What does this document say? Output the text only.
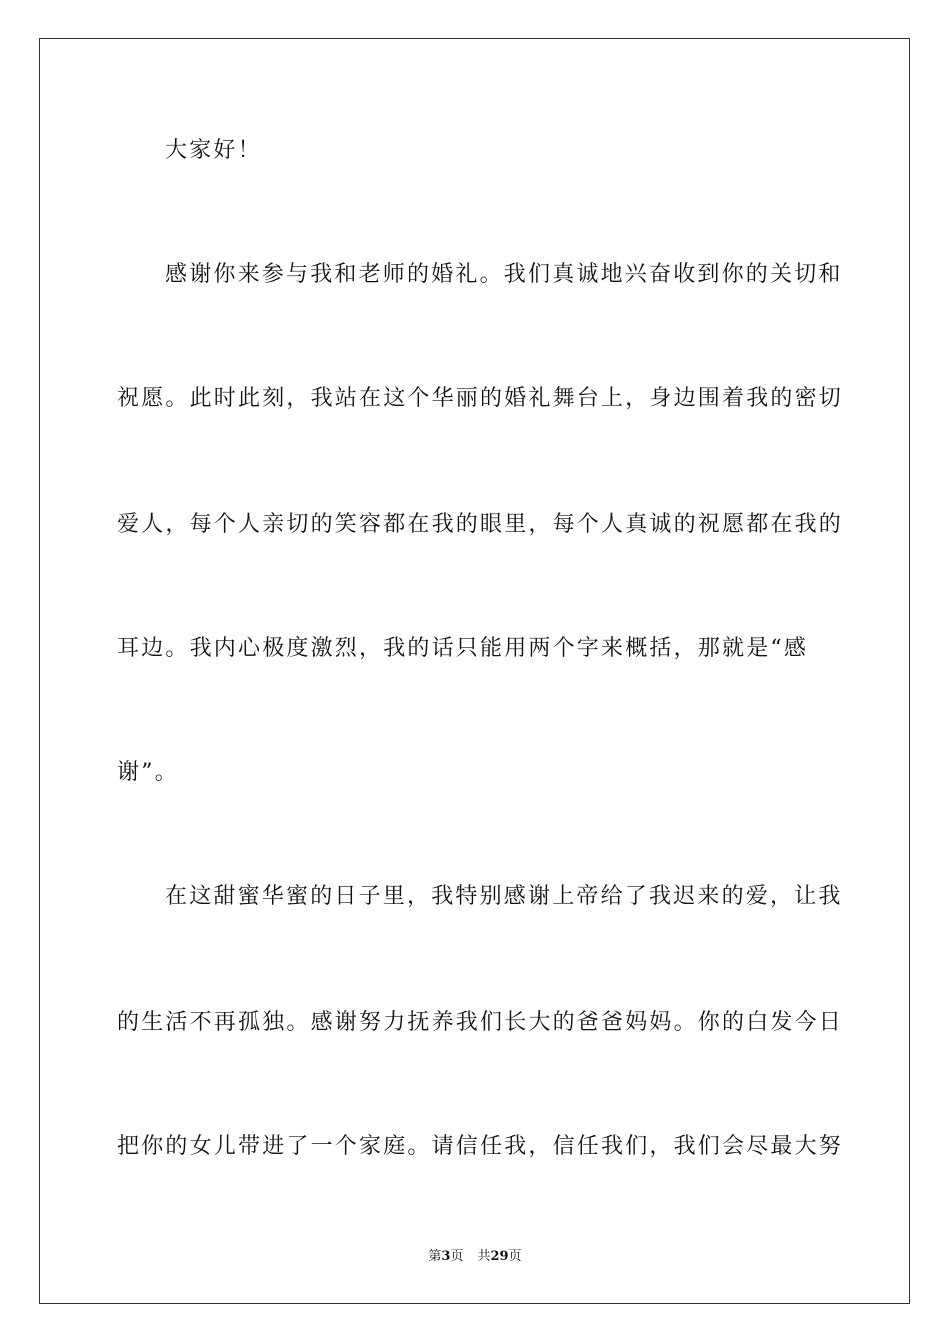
大家好！
感谢你来参与我和老师的婚礼。我们真诚地兴奋收到你的关切和
祝愿。此时此刻，我站在这个华丽的婚礼舞台上，身边围着我的密切
爱人，每个人亲切的笑容都在我的眼里，每个人真诚的祝愿都在我的
耳边。我内心极度激烈，我的话只能用两个字来概括，那就是“感
谢”。
在这甜蜜华蜜的日子里，我特别感谢上帝给了我迟来的爱，让我
的生活不再孤独。感谢努力抚养我们长大的爸爸妈妈。你的白发今日
把你的女儿带进了一个家庭。请信任我，信任我们，我们会尽最大努
第3页 共29页
